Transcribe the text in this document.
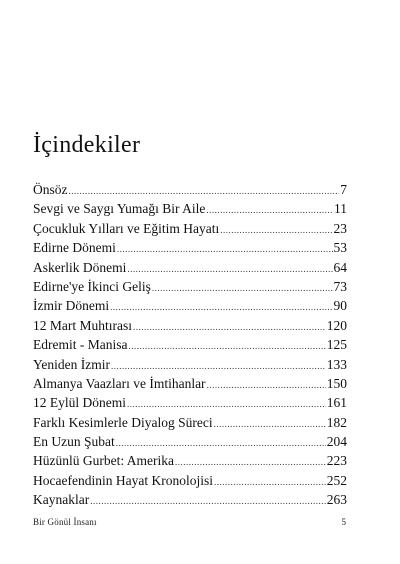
İçindekiler
Önsöz .....	7
Sevgi ve Saygı Yumağı Bir Aile .....	11
Çocukluk Yılları ve Eğitim Hayatı .....	23
Edirne Dönemi .....	53
Askerlik Dönemi .....	64
Edirne'ye İkinci Geliş .....	73
İzmir Dönemi .....	90
12 Mart Muhtırası .....	120
Edremit - Manisa .....	125
Yeniden İzmir .....	133
Almanya Vaazları ve İmtihanlar .....	150
12 Eylül Dönemi .....	161
Farklı Kesimlerle Diyalog Süreci .....	182
En Uzun Şubat .....	204
Hüzünlü Gurbet: Amerika .....	223
Hocaefendinin Hayat Kronolojisi .....	252
Kaynaklar .....	263
Bir Gönül İnsanı	5
